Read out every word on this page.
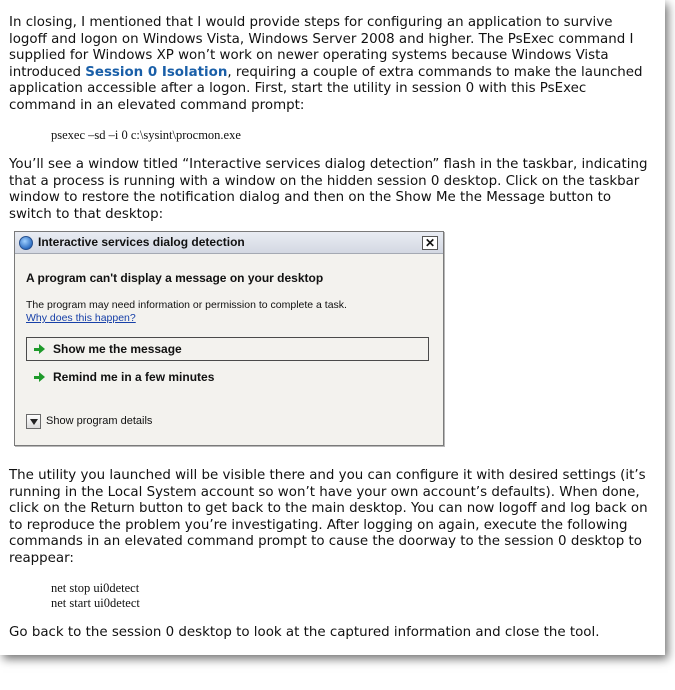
In closing, I mentioned that I would provide steps for configuring an application to survive logoff and logon on Windows Vista, Windows Server 2008 and higher. The PsExec command I supplied for Windows XP won’t work on newer operating systems because Windows Vista introduced Session 0 Isolation, requiring a couple of extra commands to make the launched application accessible after a logon. First, start the utility in session 0 with this PsExec command in an elevated command prompt:

psexec –sd –i 0 c:\sysint\procmon.exe

You’ll see a window titled “Interactive services dialog detection” flash in the taskbar, indicating that a process is running with a window on the hidden session 0 desktop. Click on the taskbar window to restore the notification dialog and then on the Show Me the Message button to switch to that desktop:

Interactive services dialog detection	✕
A program can't display a message on your desktop
The program may need information or permission to complete a task.
Why does this happen?
Show me the message
Remind me in a few minutes
Show program details

The utility you launched will be visible there and you can configure it with desired settings (it’s running in the Local System account so won’t have your own account’s defaults). When done, click on the Return button to get back to the main desktop. You can now logoff and log back on to reproduce the problem you’re investigating. After logging on again, execute the following commands in an elevated command prompt to cause the doorway to the session 0 desktop to reappear:

net stop ui0detect
net start ui0detect

Go back to the session 0 desktop to look at the captured information and close the tool.
